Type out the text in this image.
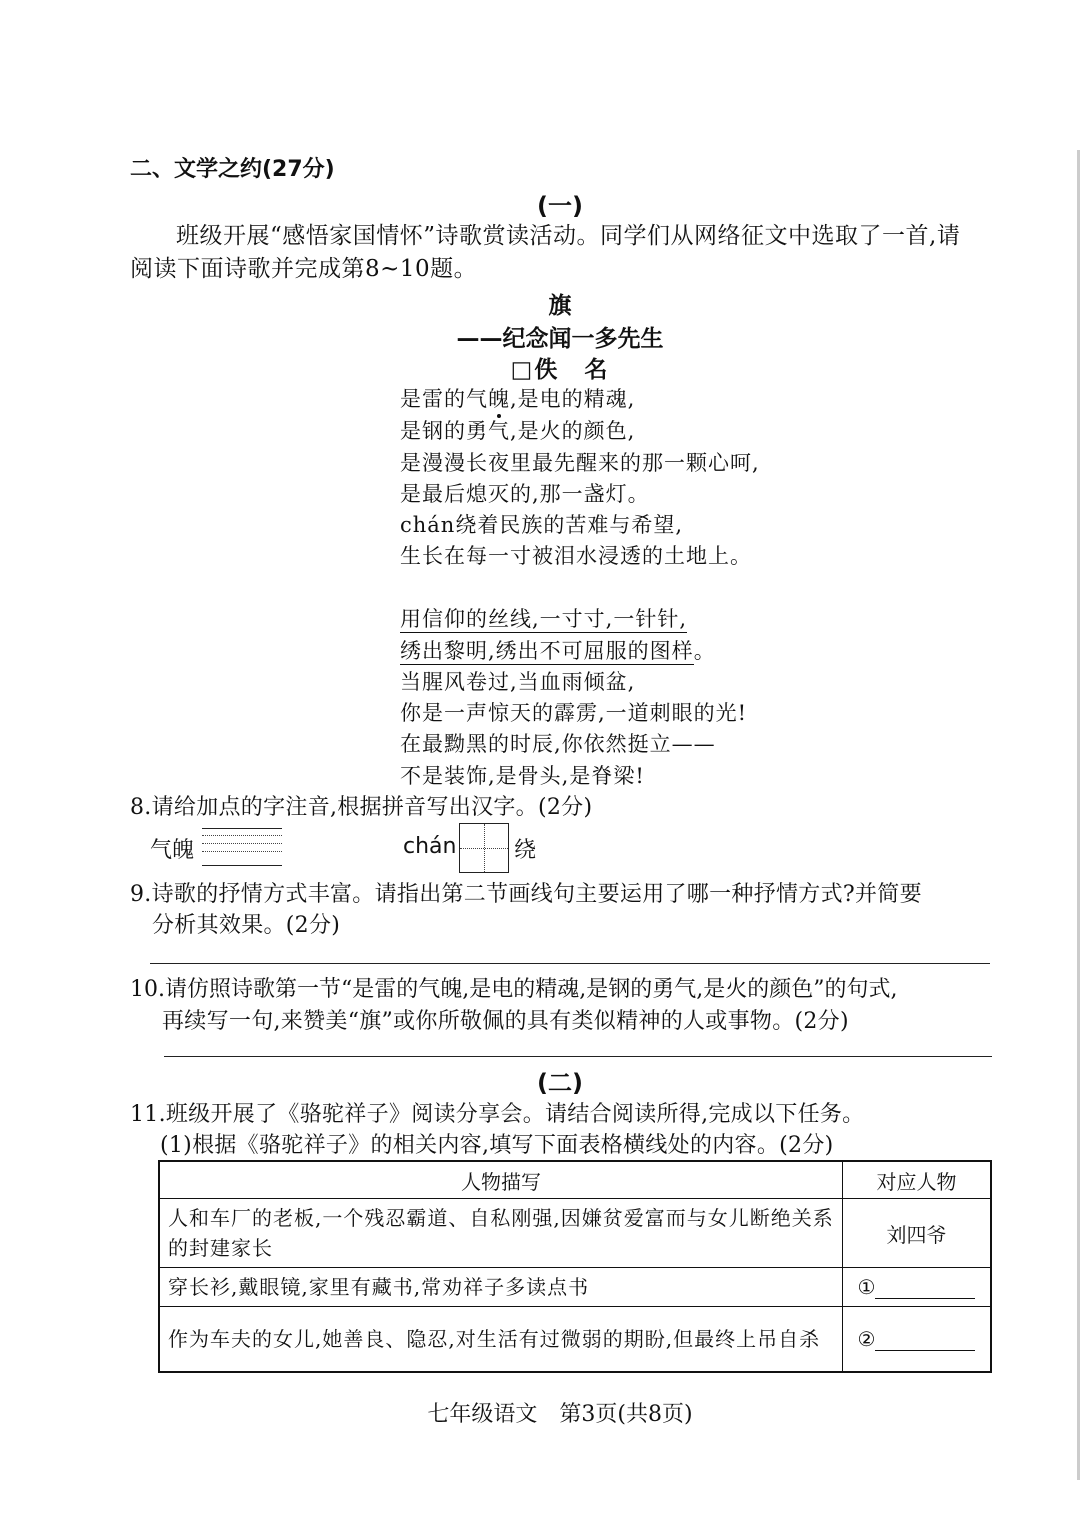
二、文学之约(27分)
(一)
班级开展“感悟家国情怀”诗歌赏读活动。同学们从网络征文中选取了一首,请
阅读下面诗歌并完成第8~10题。
旗
——纪念闻一多先生
□佚　名
是雷的气魄,是电的精魂,
是钢的勇气,是火的颜色,
是漫漫长夜里最先醒来的那一颗心呵,
是最后熄灭的,那一盏灯。
chán绕着民族的苦难与希望,
生长在每一寸被泪水浸透的土地上。
用信仰的丝线,一寸寸,一针针,
绣出黎明,绣出不可屈服的图样。
当腥风卷过,当血雨倾盆,
你是一声惊天的霹雳,一道刺眼的光!
在最黝黑的时辰,你依然挺立——
不是装饰,是骨头,是脊梁!
8.请给加点的字注音,根据拼音写出汉字。(2分)
气魄	chán	绕
9.诗歌的抒情方式丰富。请指出第二节画线句主要运用了哪一种抒情方式?并简要
分析其效果。(2分)
10.请仿照诗歌第一节“是雷的气魄,是电的精魂,是钢的勇气,是火的颜色”的句式,
再续写一句,来赞美“旗”或你所敬佩的具有类似精神的人或事物。(2分)
(二)
11.班级开展了《骆驼祥子》阅读分享会。请结合阅读所得,完成以下任务。
(1)根据《骆驼祥子》的相关内容,填写下面表格横线处的内容。(2分)
人物描写	对应人物
人和车厂的老板,一个残忍霸道、自私刚强,因嫌贫爱富而与女儿断绝关系的封建家长	刘四爷
穿长衫,戴眼镜,家里有藏书,常劝祥子多读点书	①
作为车夫的女儿,她善良、隐忍,对生活有过微弱的期盼,但最终上吊自杀	②
七年级语文　第3页(共8页)
